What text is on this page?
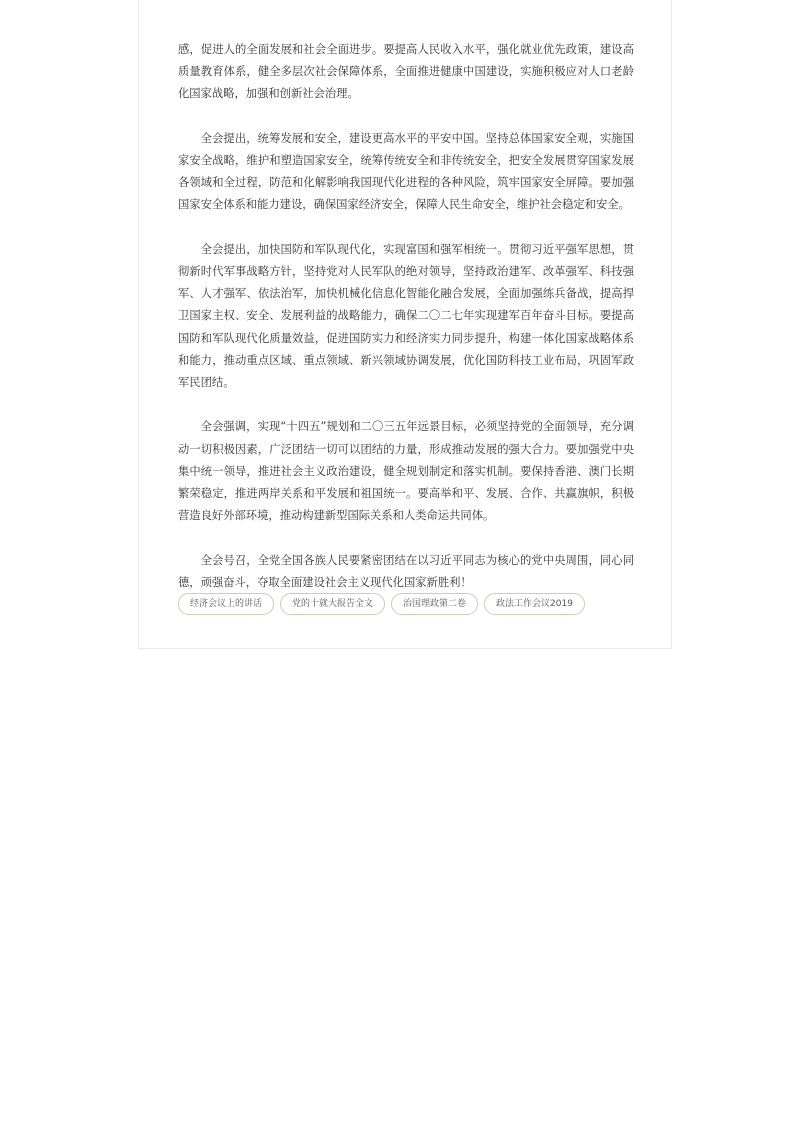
感，促进人的全面发展和社会全面进步。要提高人民收入水平，强化就业优先政策，建设高质量教育体系，健全多层次社会保障体系，全面推进健康中国建设，实施积极应对人口老龄化国家战略，加强和创新社会治理。

全会提出，统筹发展和安全，建设更高水平的平安中国。坚持总体国家安全观，实施国家安全战略，维护和塑造国家安全，统筹传统安全和非传统安全，把安全发展贯穿国家发展各领域和全过程，防范和化解影响我国现代化进程的各种风险，筑牢国家安全屏障。要加强国家安全体系和能力建设，确保国家经济安全，保障人民生命安全，维护社会稳定和安全。

全会提出，加快国防和军队现代化，实现富国和强军相统一。贯彻习近平强军思想，贯彻新时代军事战略方针，坚持党对人民军队的绝对领导，坚持政治建军、改革强军、科技强军、人才强军、依法治军，加快机械化信息化智能化融合发展，全面加强练兵备战，提高捍卫国家主权、安全、发展利益的战略能力，确保二〇二七年实现建军百年奋斗目标。要提高国防和军队现代化质量效益，促进国防实力和经济实力同步提升，构建一体化国家战略体系和能力，推动重点区域、重点领域、新兴领域协调发展，优化国防科技工业布局，巩固军政军民团结。

全会强调，实现“十四五”规划和二〇三五年远景目标，必须坚持党的全面领导，充分调动一切积极因素，广泛团结一切可以团结的力量，形成推动发展的强大合力。要加强党中央集中统一领导，推进社会主义政治建设，健全规划制定和落实机制。要保持香港、澳门长期繁荣稳定，推进两岸关系和平发展和祖国统一。要高举和平、发展、合作、共赢旗帜，积极营造良好外部环境，推动构建新型国际关系和人类命运共同体。

全会号召，全党全国各族人民要紧密团结在以习近平同志为核心的党中央周围，同心同德，顽强奋斗，夺取全面建设社会主义现代化国家新胜利！

经济会议上的讲话	党的十就大报告全文	治国理政第二卷	政法工作会议2019
